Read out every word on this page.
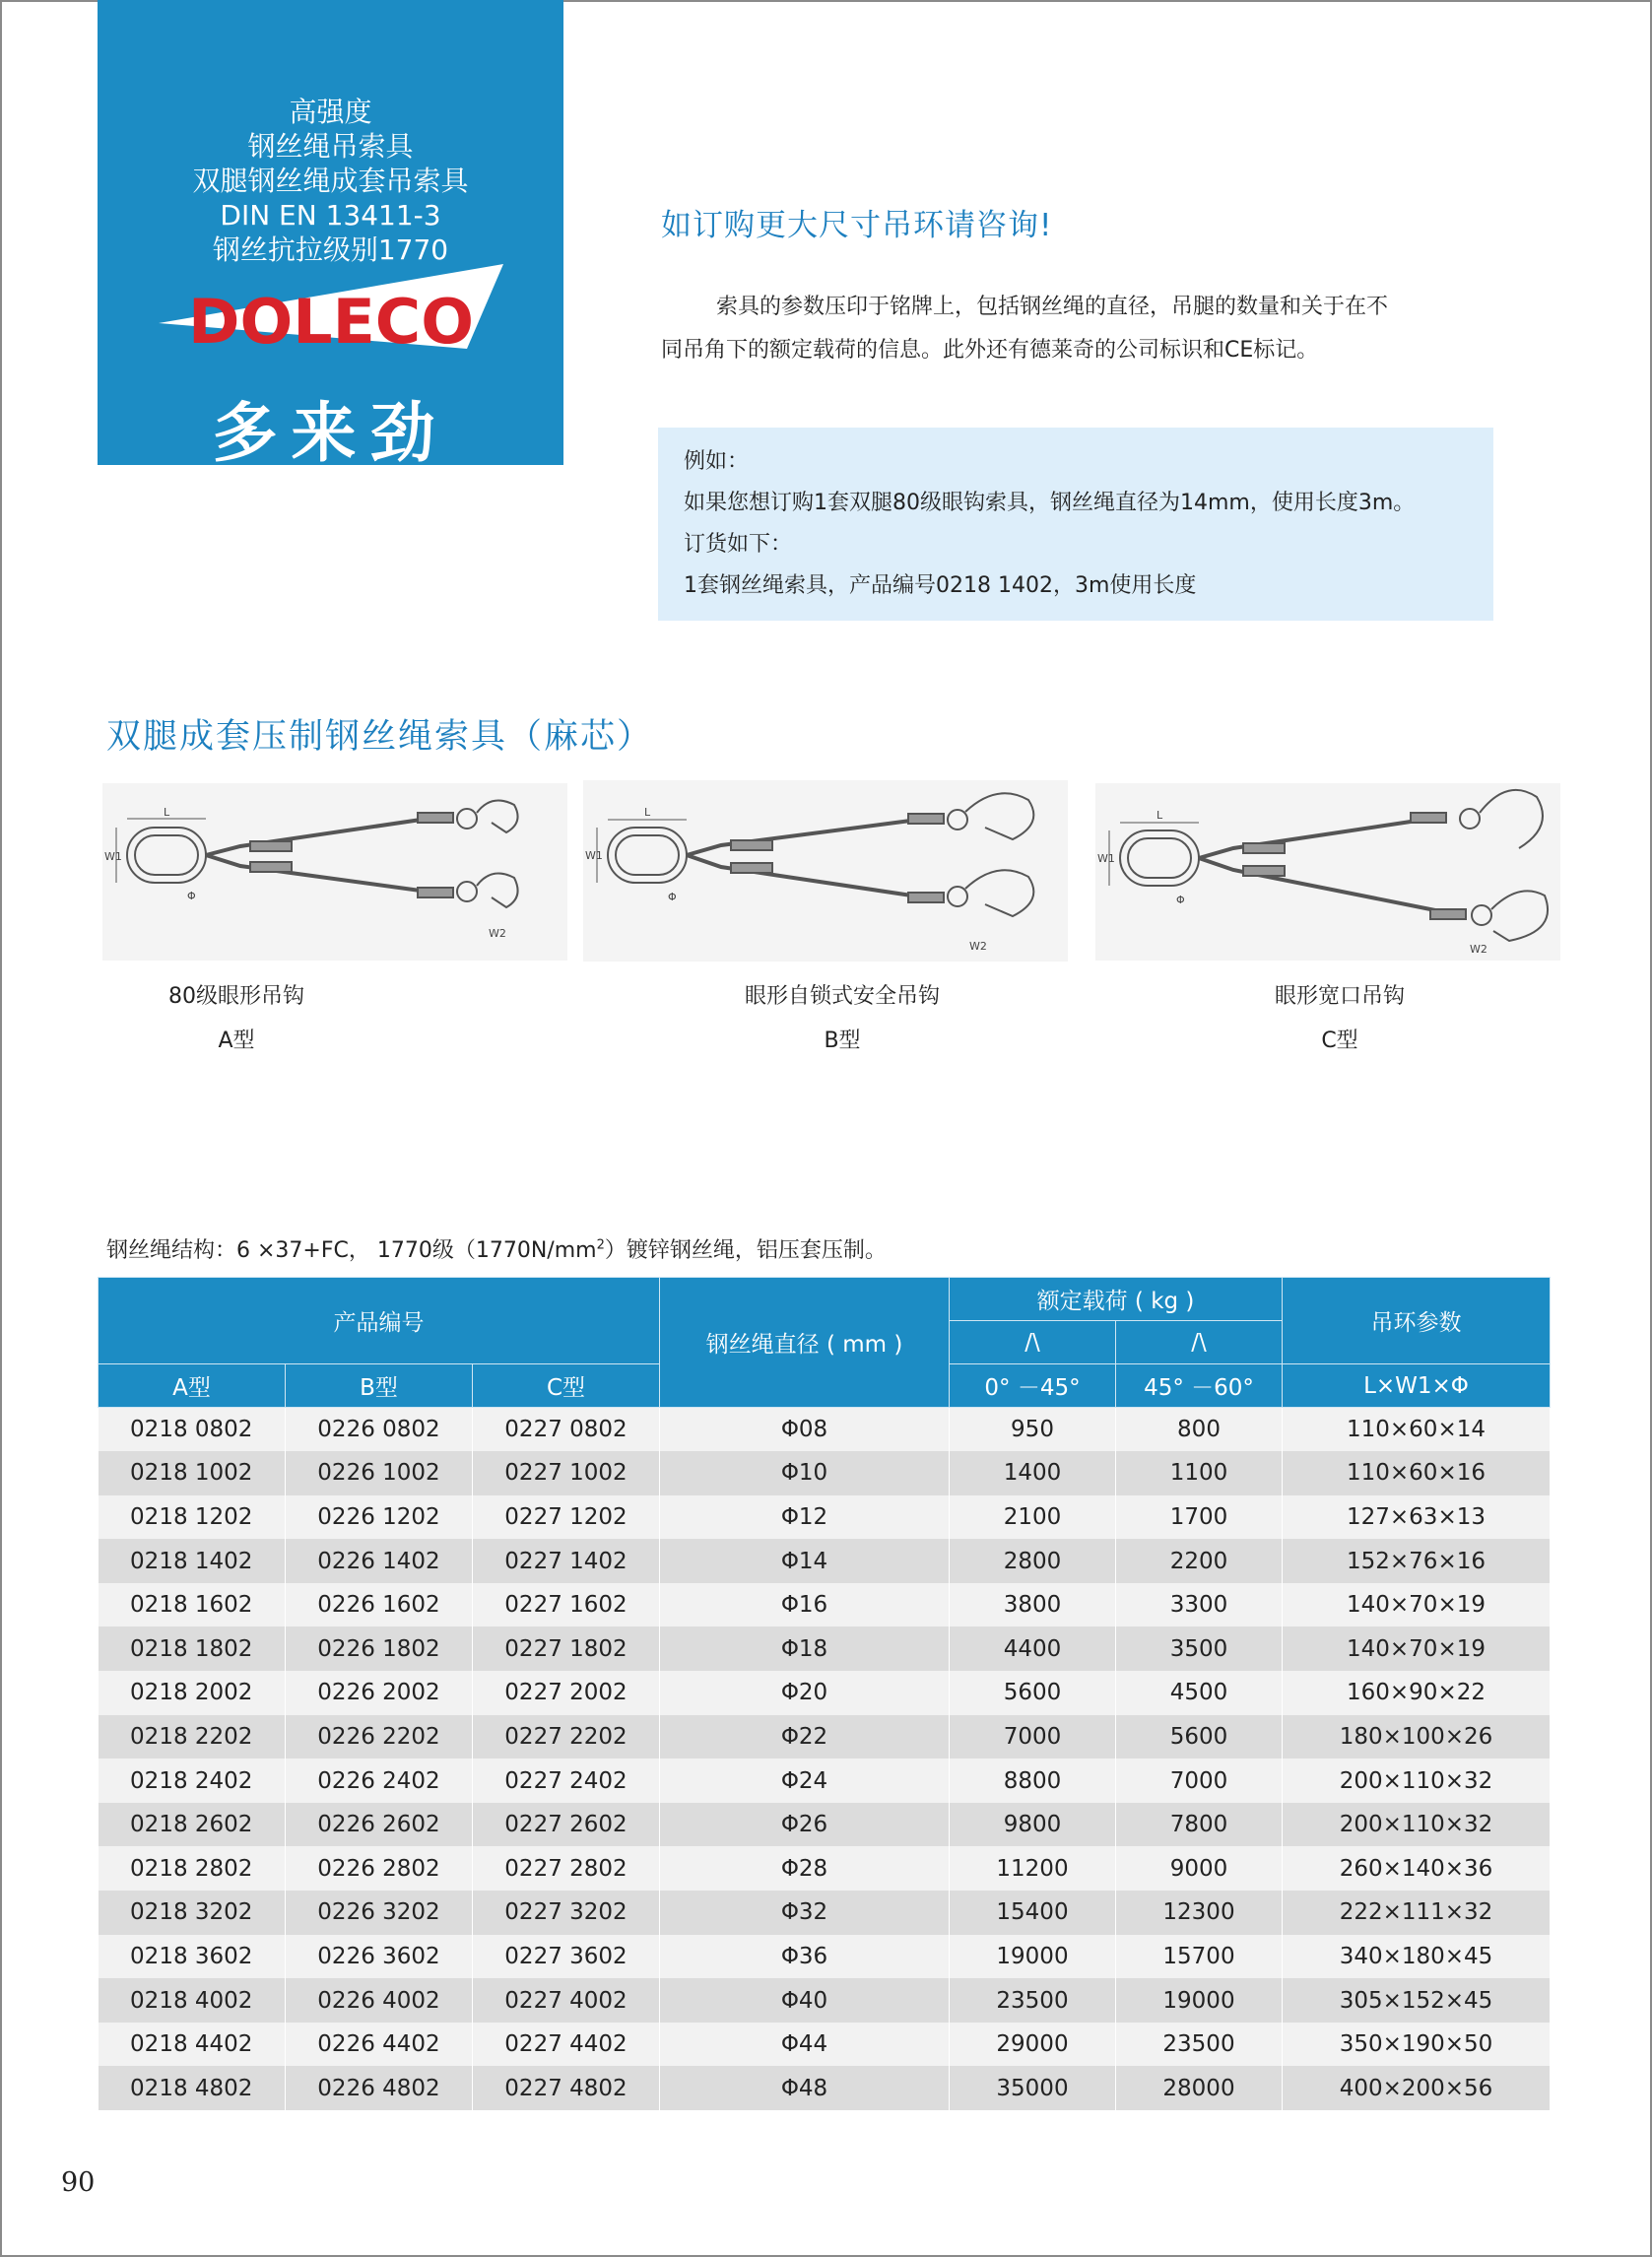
高强度
钢丝绳吊索具
双腿钢丝绳成套吊索具
DIN EN 13411-3
钢丝抗拉级别1770
DOLECO
多来劲
如订购更大尺寸吊环请咨询!

索具的参数压印于铭牌上，包括钢丝绳的直径，吊腿的数量和关于在不

同吊角下的额定载荷的信息。此外还有德莱奇的公司标识和CE标记。

例如：
如果您想订购1套双腿80级眼钩索具，钢丝绳直径为14mm，使用长度3m。
订货如下：
1套钢丝绳索具，产品编号0218 1402，3m使用长度
双腿成套压制钢丝绳索具（麻芯）
L
W1
Φ
W2
L
W1
Φ
W2
L
W1
Φ
W2
80级眼形吊钩
A型
眼形自锁式安全吊钩
B型
眼形宽口吊钩
C型
钢丝绳结构：6 ×37+FC， 1770级$(1770N/mm^2)$镀锌钢丝绳，铝压套压制。
产品编号			钢丝绳直径 ( mm )	额定载荷 ( kg )		吊环参数
				/\	/\	
A型	B型	C型		0° －45°	45° －60°	L×W1×Φ
0218 0802	0226 0802	0227 0802	Φ08	950	800	110×60×14
0218 1002	0226 1002	0227 1002	Φ10	1400	1100	110×60×16
0218 1202	0226 1202	0227 1202	Φ12	2100	1700	127×63×13
0218 1402	0226 1402	0227 1402	Φ14	2800	2200	152×76×16
0218 1602	0226 1602	0227 1602	Φ16	3800	3300	140×70×19
0218 1802	0226 1802	0227 1802	Φ18	4400	3500	140×70×19
0218 2002	0226 2002	0227 2002	Φ20	5600	4500	160×90×22
0218 2202	0226 2202	0227 2202	Φ22	7000	5600	180×100×26
0218 2402	0226 2402	0227 2402	Φ24	8800	7000	200×110×32
0218 2602	0226 2602	0227 2602	Φ26	9800	7800	200×110×32
0218 2802	0226 2802	0227 2802	Φ28	11200	9000	260×140×36
0218 3202	0226 3202	0227 3202	Φ32	15400	12300	222×111×32
0218 3602	0226 3602	0227 3602	Φ36	19000	15700	340×180×45
0218 4002	0226 4002	0227 4002	Φ40	23500	19000	305×152×45
0218 4402	0226 4402	0227 4402	Φ44	29000	23500	350×190×50
0218 4802	0226 4802	0227 4802	Φ48	35000	28000	400×200×56
90
